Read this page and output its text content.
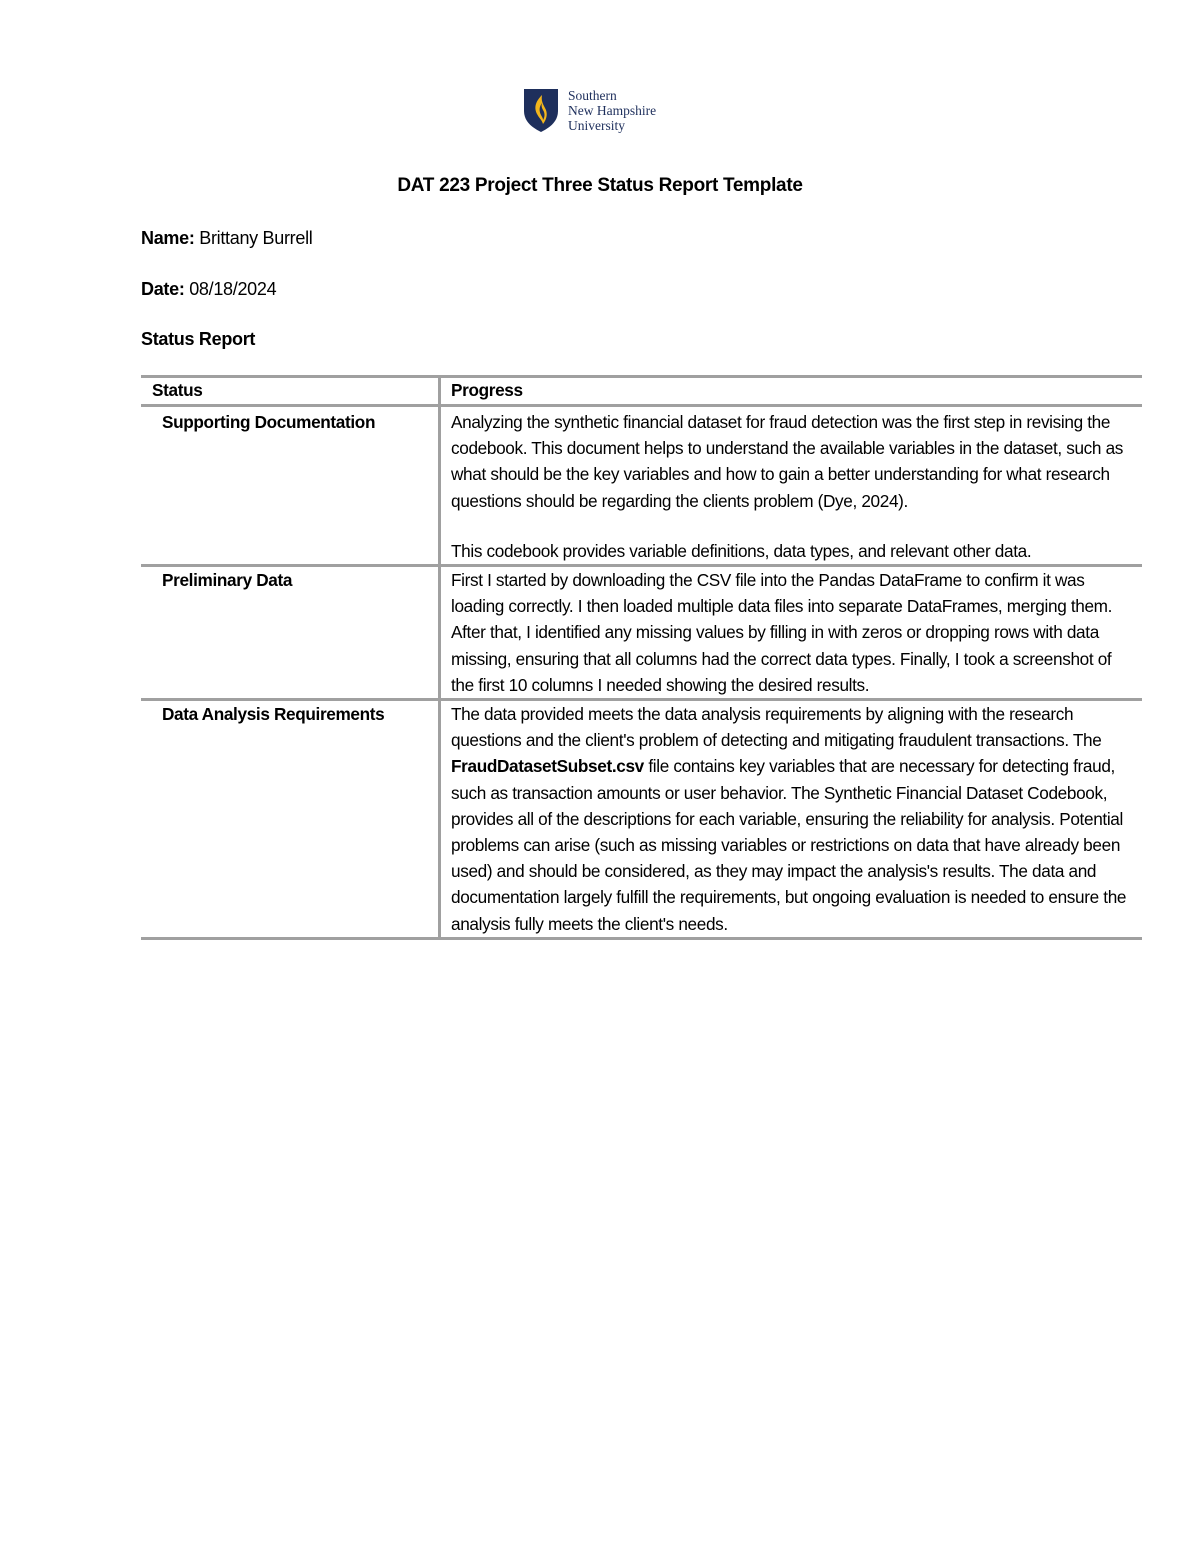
Southern
New Hampshire
University
DAT 223 Project Three Status Report Template
Name: Brittany Burrell
Date: 08/18/2024
Status Report
Status	Progress
Supporting Documentation	Analyzing the synthetic financial dataset for fraud detection was the first step in revising the codebook. This document helps to understand the available variables in the dataset, such as what should be the key variables and how to gain a better understanding for what research questions should be regarding the clients problem (Dye, 2024).
This codebook provides variable definitions, data types, and relevant other data.

Preliminary Data	First I started by downloading the CSV file into the Pandas DataFrame to confirm it was loading correctly. I then loaded multiple data files into separate DataFrames, merging them. After that, I identified any missing values by filling in with zeros or dropping rows with data missing, ensuring that all columns had the correct data types. Finally, I took a screenshot of the first 10 columns I needed showing the desired results.

Data Analysis Requirements	The data provided meets the data analysis requirements by aligning with the research questions and the client's problem of detecting and mitigating fraudulent transactions. The FraudDatasetSubset.csv file contains key variables that are necessary for detecting fraud, such as transaction amounts or user behavior. The Synthetic Financial Dataset Codebook, provides all of the descriptions for each variable, ensuring the reliability for analysis. Potential problems can arise (such as missing variables or restrictions on data that have already been used) and should be considered, as they may impact the analysis's results. The data and documentation largely fulfill the requirements, but ongoing evaluation is needed to ensure the analysis fully meets the client's needs.
